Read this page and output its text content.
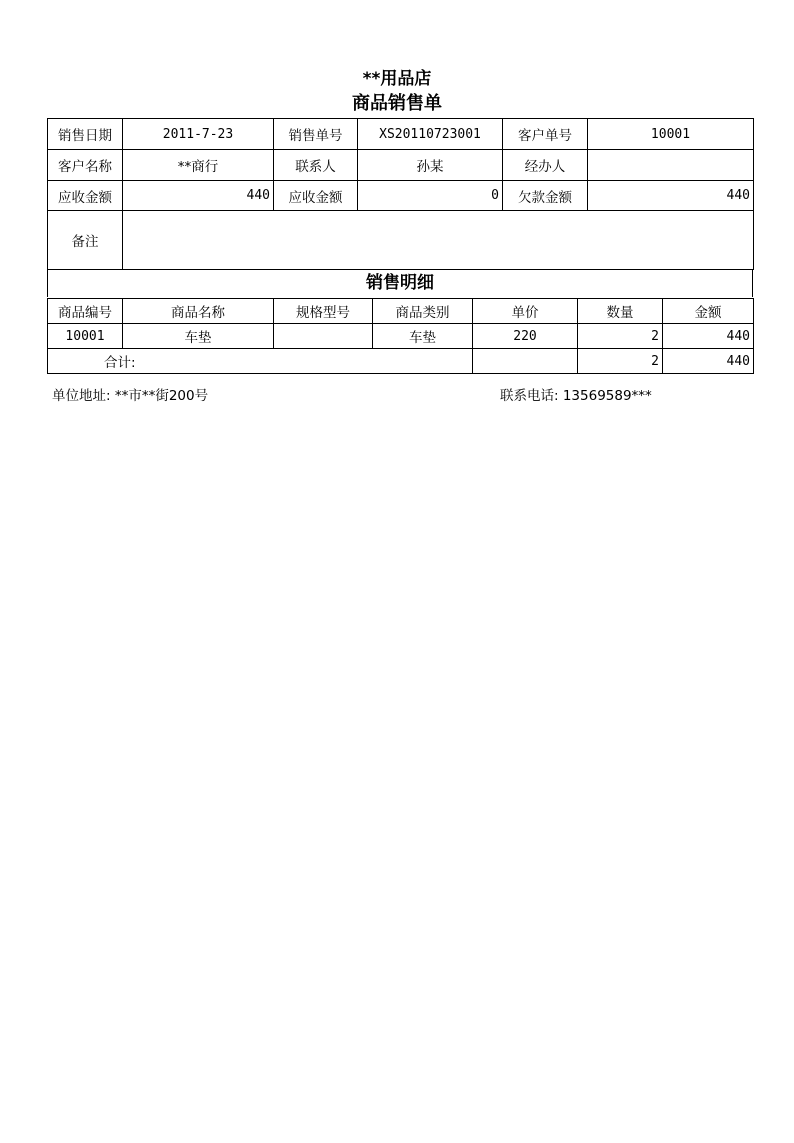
**用品店
商品销售单
销售日期	2011-7-23	销售单号	XS20110723001	客户单号	10001
客户名称	**商行	联系人	孙某	经办人	
应收金额	440	应收金额	0	欠款金额	440
备注					
销售明细
商品编号	商品名称	规格型号	商品类别	单价	数量	金额
10001	车垫		车垫	220	2	440
合计:					2	440
单位地址: **市**街200号	联系电话: 13569589***
